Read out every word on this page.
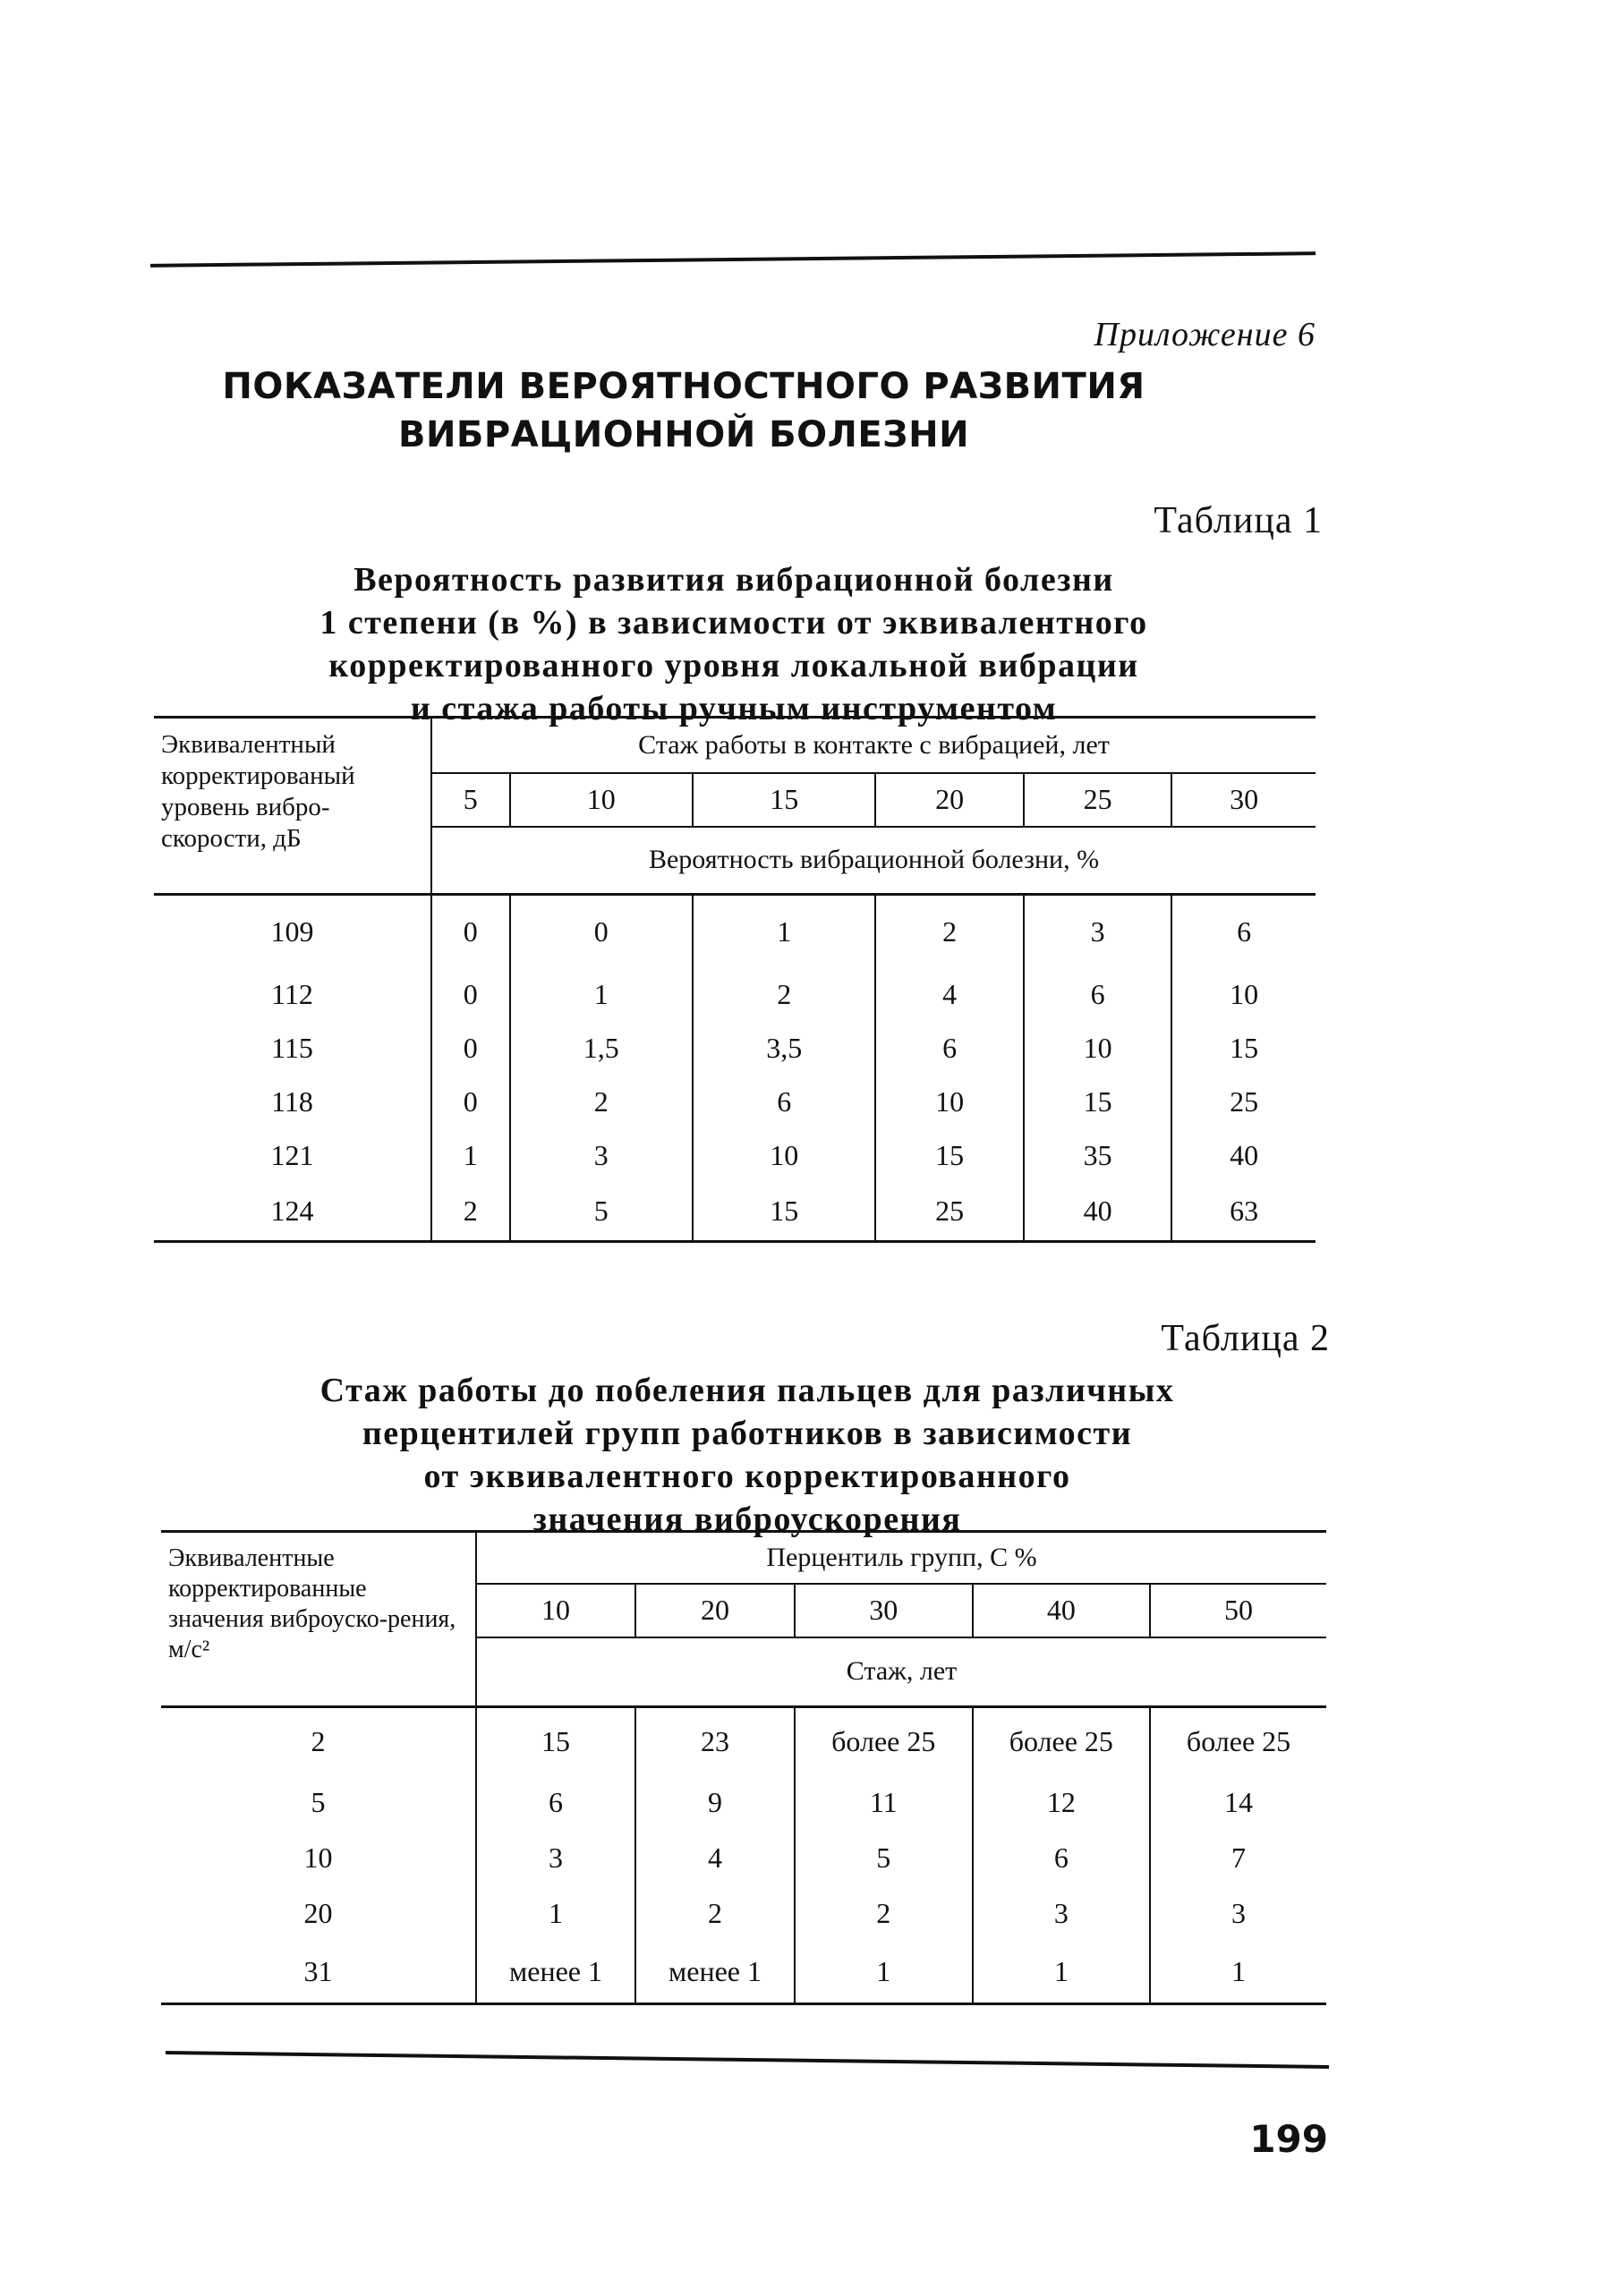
Приложение 6
ПОКАЗАТЕЛИ ВЕРОЯТНОСТНОГО РАЗВИТИЯ
ВИБРАЦИОННОЙ БОЛЕЗНИ
Таблица 1
Вероятность развития вибрационной болезни
1 степени (в %) в зависимости от эквивалентного
корректированного уровня локальной вибрации
и стажа работы ручным инструментом
Эквивалентный корректированый уровень вибро-скорости, дБ	Стаж работы в контакте с вибрацией, лет					
	5	10	15	20	25	30
	Вероятность вибрационной болезни, %					
109	0	0	1	2	3	6
112	0	1	2	4	6	10
115	0	1,5	3,5	6	10	15
118	0	2	6	10	15	25
121	1	3	10	15	35	40
124	2	5	15	25	40	63
Таблица 2
Стаж работы до побеления пальцев для различных
перцентилей групп работников в зависимости
от эквивалентного корректированного
значения виброускорения
Эквивалентные корректированные значения виброуско-рения, м/с²	Перцентиль групп, С %				
	10	20	30	40	50
	Стаж, лет				
2	15	23	более 25	более 25	более 25
5	6	9	11	12	14
10	3	4	5	6	7
20	1	2	2	3	3
31	менее 1	менее 1	1	1	1
199
